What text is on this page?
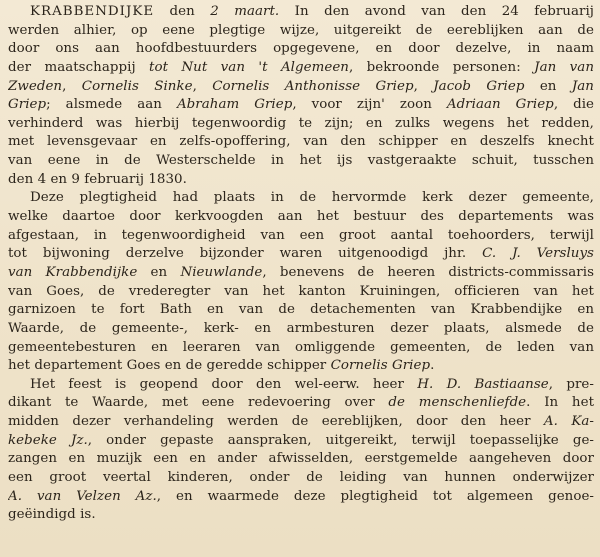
KRABBENDIJKE den 2 maart. In den avond van den 24 februarij
werden alhier, op eene plegtige wijze, uitgereikt de eereblijken aan de
door ons aan hoofdbestuurders opgegevene, en door dezelve, in naam
der maatschappij tot Nut van 't Algemeen, bekroonde personen: Jan van
Zweden, Cornelis Sinke, Cornelis Anthonisse Griep, Jacob Griep en Jan
Griep; alsmede aan Abraham Griep, voor zijn' zoon Adriaan Griep, die
verhinderd was hierbij tegenwoordig te zijn; en zulks wegens het redden,
met levensgevaar en zelfs-opoffering, van den schipper en deszelfs knecht
van eene in de Westerschelde in het ijs vastgeraakte schuit, tusschen
den 4 en 9 februarij 1830.
Deze plegtigheid had plaats in de hervormde kerk dezer gemeente,
welke daartoe door kerkvoogden aan het bestuur des departements was
afgestaan, in tegenwoordigheid van een groot aantal toehoorders, terwijl
tot bijwoning derzelve bijzonder waren uitgenoodigd jhr. C. J. Versluys
van Krabbendijke en Nieuwlande, benevens de heeren districts-commissaris
van Goes, de vrederegter van het kanton Kruiningen, officieren van het
garnizoen te fort Bath en van de detachementen van Krabbendijke en
Waarde, de gemeente-, kerk- en armbesturen dezer plaats, alsmede de
gemeentebesturen en leeraren van omliggende gemeenten, de leden van
het departement Goes en de geredde schipper Cornelis Griep.
Het feest is geopend door den wel-eerw. heer H. D. Bastiaanse, pre-
dikant te Waarde, met eene redevoering over de menschenliefde. In het
midden dezer verhandeling werden de eereblijken, door den heer A. Ka-
kebeke Jz., onder gepaste aanspraken, uitgereikt, terwijl toepasselijke ge-
zangen en muzijk een en ander afwisselden, eerstgemelde aangeheven door
een groot veertal kinderen, onder de leiding van hunnen onderwijzer
A. van Velzen Az., en waarmede deze plegtigheid tot algemeen genoe-
geëindigd is.
